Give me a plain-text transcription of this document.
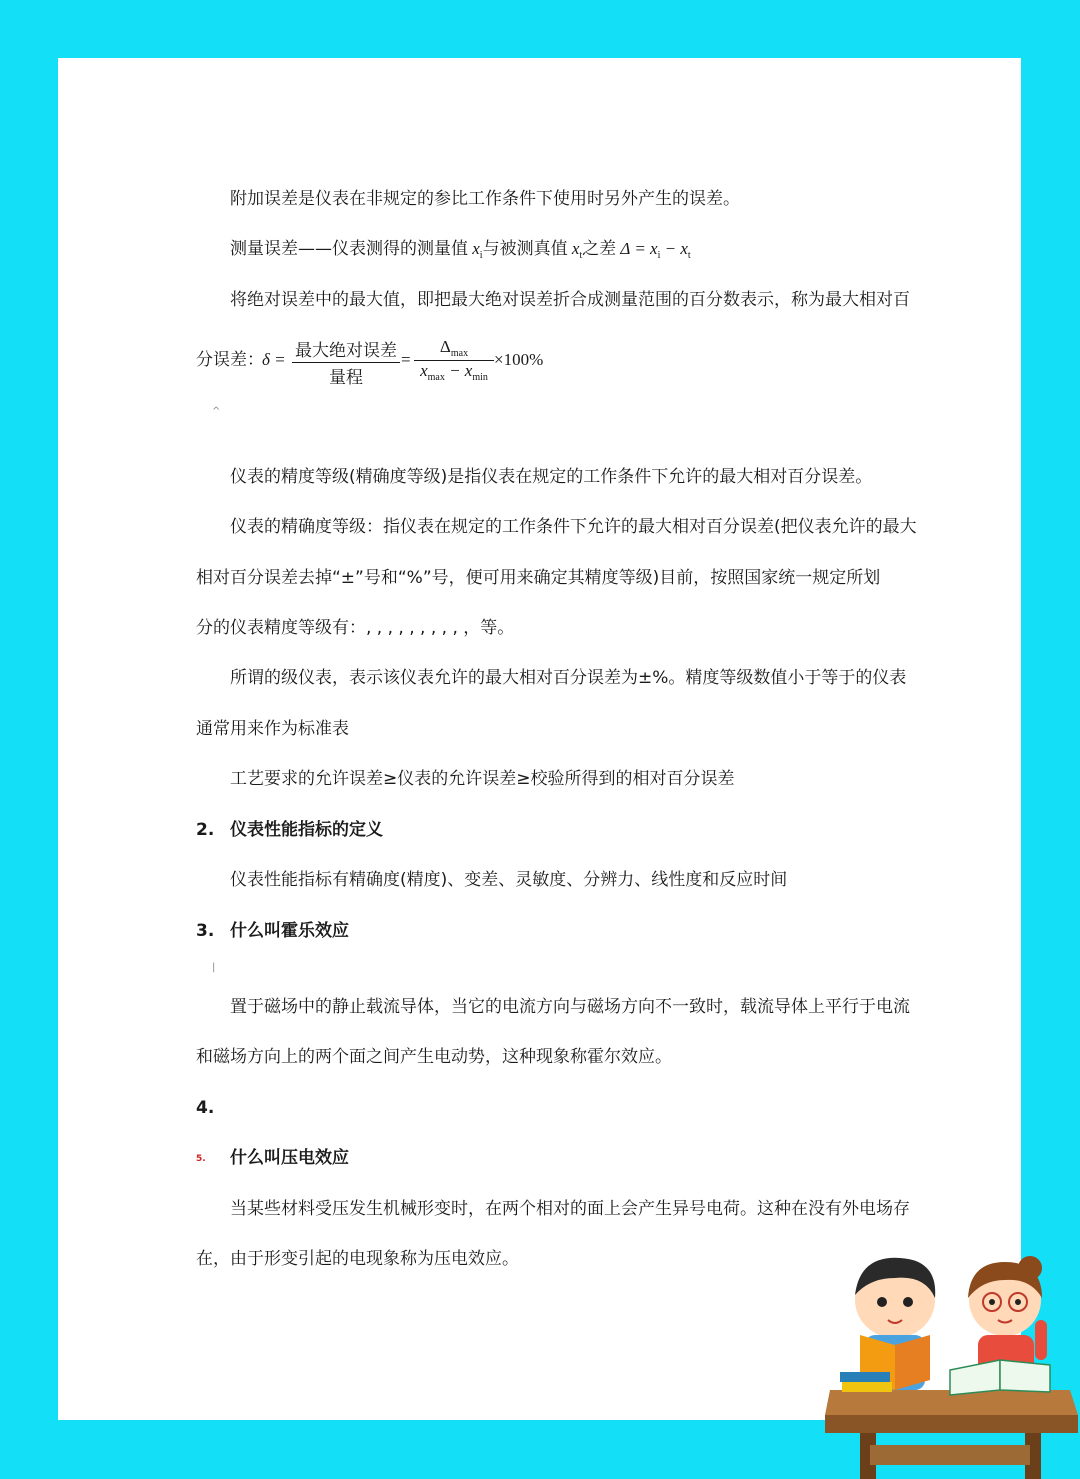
附加误差是仪表在非规定的参比工作条件下使用时另外产生的误差。
测量误差——仪表测得的测量值 $x_i$与被测真值 $x_t$之差 $\Delta = x_i - x_t$
将绝对误差中的最大值，即把最大绝对误差折合成测量范围的百分数表示，称为最大相对百
分误差：
δ = 最大绝对误差
量程
=
$\Delta_{max}$
$x_{max} - x_{min}$
×100%
^
仪表的精度等级(精确度等级)是指仪表在规定的工作条件下允许的最大相对百分误差。
仪表的精确度等级：指仪表在规定的工作条件下允许的最大相对百分误差(把仪表允许的最大
相对百分误差去掉“±”号和“%”号，便可用来确定其精度等级)目前，按照国家统一规定所划
分的仪表精度等级有：, , , , , , , , , ，等。
所谓的级仪表，表示该仪表允许的最大相对百分误差为±%。精度等级数值小于等于的仪表
通常用来作为标准表
工艺要求的允许误差≥仪表的允许误差≥校验所得到的相对百分误差
2. 仪表性能指标的定义
仪表性能指标有精确度(精度)、变差、灵敏度、分辨力、线性度和反应时间
3. 什么叫霍乐效应
|
置于磁场中的静止载流导体，当它的电流方向与磁场方向不一致时，载流导体上平行于电流
和磁场方向上的两个面之间产生电动势，这种现象称霍尔效应。
4.
5. 什么叫压电效应
当某些材料受压发生机械形变时，在两个相对的面上会产生异号电荷。这种在没有外电场存
在，由于形变引起的电现象称为压电效应。
